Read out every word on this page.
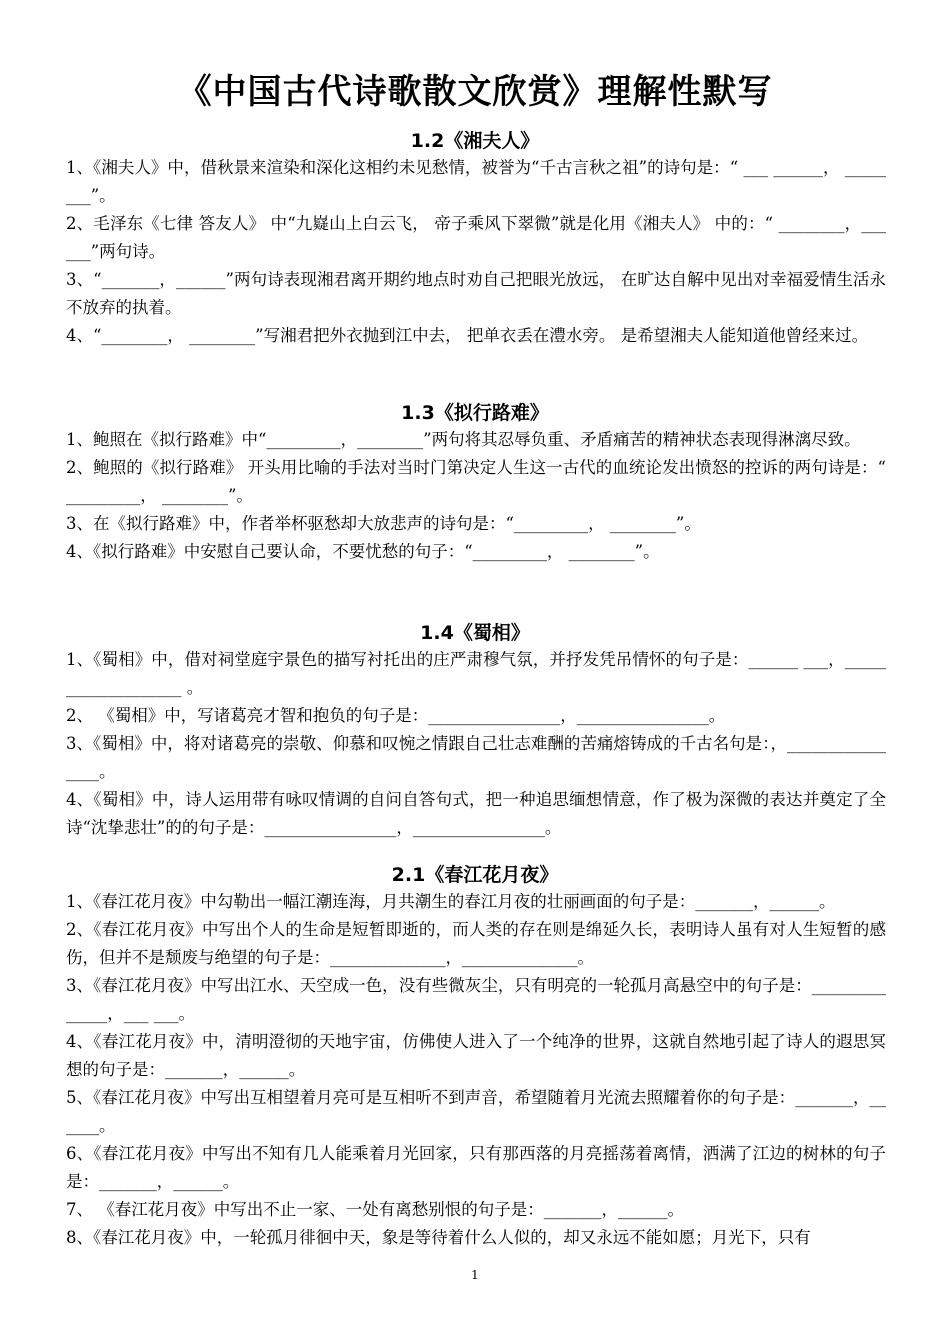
《中国古代诗歌散文欣赏》理解性默写
1.2《湘夫人》
1、《湘夫人》中，借秋景来渲染和深化这相约未见愁情，被誉为“千古言秋之祖”的诗句是：“ ___ ______， ________”。
2、毛泽东《七律 答友人》 中“九嶷山上白云飞， 帝子乘风下翠微”就是化用《湘夫人》 中的：“ ________，______”两句诗。
3、“_______，______”两句诗表现湘君离开期约地点时劝自己把眼光放远， 在旷达自解中见出对幸福爱情生活永不放弃的执着。
4、“________， ________”写湘君把外衣抛到江中去， 把单衣丢在澧水旁。 是希望湘夫人能知道他曾经来过。
1.3《拟行路难》
1、鲍照在《拟行路难》中“_________，________”两句将其忍辱负重、矛盾痛苦的精神状态表现得淋漓尽致。
2、鲍照的《拟行路难》 开头用比喻的手法对当时门第决定人生这一古代的血统论发出愤怒的控诉的两句诗是：“ _________， ________”。
3、在《拟行路难》中，作者举杯驱愁却大放悲声的诗句是：“_________， ________”。
4、《拟行路难》中安慰自己要认命，不要忧愁的句子：“_________， ________”。
1.4《蜀相》
1、《蜀相》中，借对祠堂庭宇景色的描写衬托出的庄严肃穆气氛，并抒发凭吊情怀的句子是：______ ___，___________________ 。
2、 《蜀相》中，写诸葛亮才智和抱负的句子是：________________，________________。
3、《蜀相》中，将对诸葛亮的崇敬、仰慕和叹惋之情跟自己壮志难酬的苦痛熔铸成的千古名句是：，________________。
4、《蜀相》中，诗人运用带有咏叹情调的自问自答句式，把一种追思缅想情意，作了极为深微的表达并奠定了全诗“沈挚悲壮”的的句子是：________________，________________。
2.1《春江花月夜》
1、《春江花月夜》中勾勒出一幅江潮连海，月共潮生的春江月夜的壮丽画面的句子是：_______，______。
2、《春江花月夜》中写出个人的生命是短暂即逝的，而人类的存在则是绵延久长，表明诗人虽有对人生短暂的感伤，但并不是颓废与绝望的句子是：______________，______________。
3、《春江花月夜》中写出江水、天空成一色，没有些微灰尘，只有明亮的一轮孤月高悬空中的句子是：______________，___ ___。
4、《春江花月夜》中，清明澄彻的天地宇宙，仿佛使人进入了一个纯净的世界，这就自然地引起了诗人的遐思冥想的句子是：_______，______。
5、《春江花月夜》中写出互相望着月亮可是互相听不到声音，希望随着月光流去照耀着你的句子是：_______，______。
6、《春江花月夜》中写出不知有几人能乘着月光回家，只有那西落的月亮摇荡着离情，洒满了江边的树林的句子是：_______，______。
7、 《春江花月夜》中写出不止一家、一处有离愁别恨的句子是：_______，______。
8、《春江花月夜》中，一轮孤月徘徊中天，象是等待着什么人似的，却又永远不能如愿；月光下，只有
1
